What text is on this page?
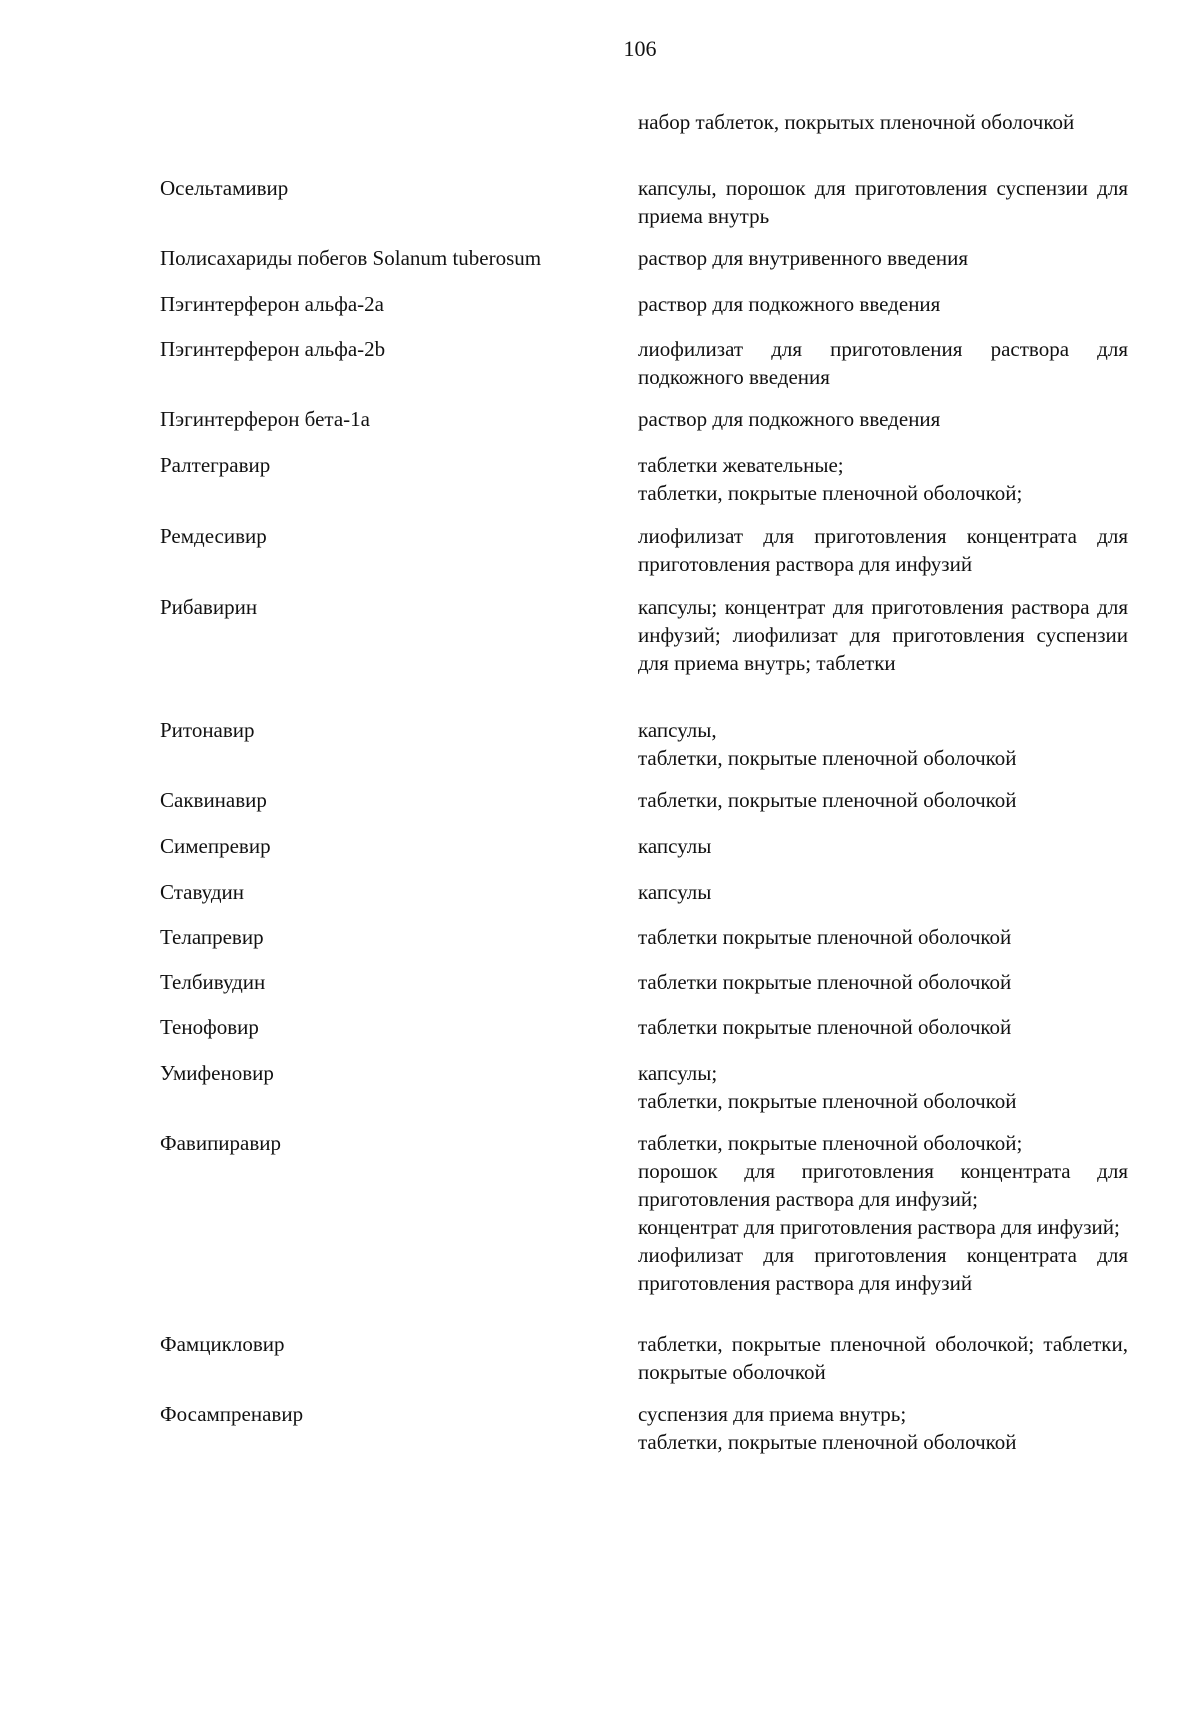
106
набор таблеток, покрытых пленочной оболочкой
Осельтамивир	капсулы, порошок для приготовления суспензии для приема внутрь
Полисахариды побегов Solanum tuberosum	раствор для внутривенного введения
Пэгинтерферон альфа-2а	раствор для подкожного введения
Пэгинтерферон альфа-2b	лиофилизат для приготовления раствора для подкожного введения
Пэгинтерферон бета-1а	раствор для подкожного введения
Ралтегравир	таблетки жевательные;
таблетки, покрытые пленочной оболочкой;
Ремдесивир	лиофилизат для приготовления концентрата для приготовления раствора для инфузий
Рибавирин	капсулы; концентрат для приготовления раствора для инфузий; лиофилизат для приготовления суспензии для приема внутрь; таблетки
Ритонавир	капсулы,
таблетки, покрытые пленочной оболочкой
Саквинавир	таблетки, покрытые пленочной оболочкой
Симепревир	капсулы
Ставудин	капсулы
Телапревир	таблетки покрытые пленочной оболочкой
Телбивудин	таблетки покрытые пленочной оболочкой
Тенофовир	таблетки покрытые пленочной оболочкой
Умифеновир	капсулы;
таблетки, покрытые пленочной оболочкой
Фавипиравир	таблетки, покрытые пленочной оболочкой;
порошок для приготовления концентрата для приготовления раствора для инфузий;
концентрат для приготовления раствора для инфузий;
лиофилизат для приготовления концентрата для приготовления раствора для инфузий
Фамцикловир	таблетки, покрытые пленочной оболочкой; таблетки, покрытые оболочкой
Фосампренавир	суспензия для приема внутрь;
таблетки, покрытые пленочной оболочкой
